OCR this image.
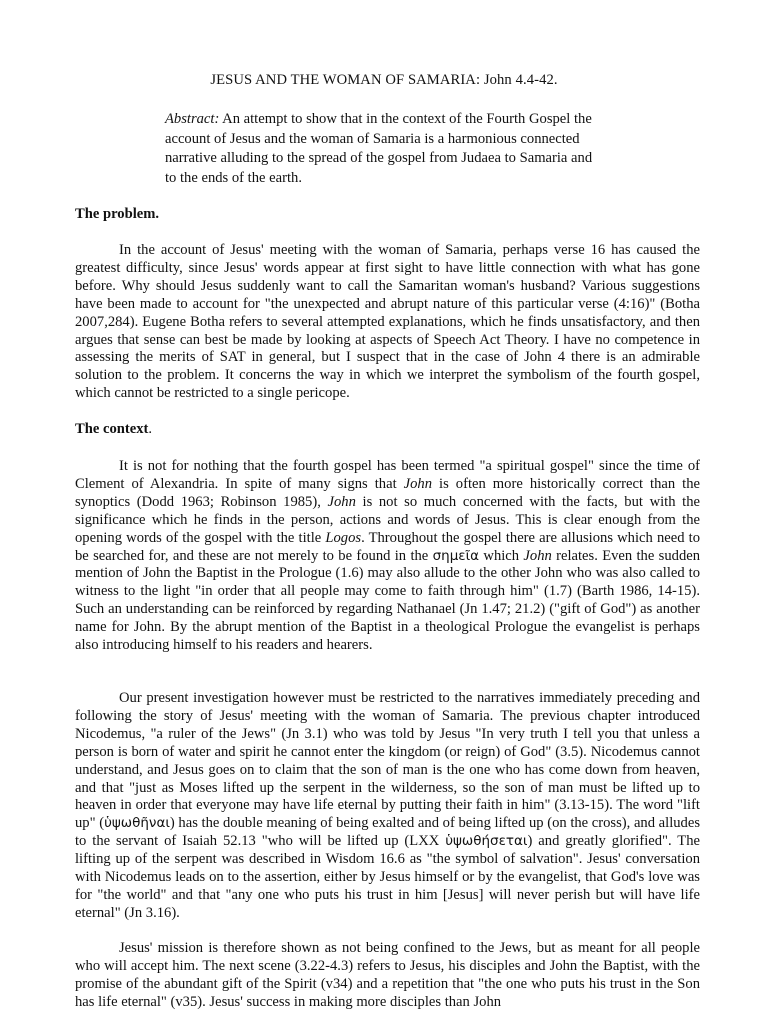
JESUS AND THE WOMAN OF SAMARIA: John 4.4-42.

Abstract: An attempt to show that in the context of the Fourth Gospel the account of Jesus and the woman of Samaria is a harmonious connected narrative alluding to the spread of the gospel from Judaea to Samaria and to the ends of the earth.

The problem.

In the account of Jesus' meeting with the woman of Samaria, perhaps verse 16 has caused the greatest difficulty, since Jesus' words appear at first sight to have little connection with what has gone before. Why should Jesus suddenly want to call the Samaritan woman's husband? Various suggestions have been made to account for "the unexpected and abrupt nature of this particular verse (4:16)" (Botha 2007,284). Eugene Botha refers to several attempted explanations, which he finds unsatisfactory, and then argues that sense can best be made by looking at aspects of Speech Act Theory. I have no competence in assessing the merits of SAT in general, but I suspect that in the case of John 4 there is an admirable solution to the problem. It concerns the way in which we interpret the symbolism of the fourth gospel, which cannot be restricted to a single pericope.

The context.

It is not for nothing that the fourth gospel has been termed "a spiritual gospel" since the time of Clement of Alexandria. In spite of many signs that John is often more historically correct than the synoptics (Dodd 1963; Robinson 1985), John is not so much concerned with the facts, but with the significance which he finds in the person, actions and words of Jesus. This is clear enough from the opening words of the gospel with the title Logos. Throughout the gospel there are allusions which need to be searched for, and these are not merely to be found in the σημεῖα which John relates. Even the sudden mention of John the Baptist in the Prologue (1.6) may also allude to the other John who was also called to witness to the light "in order that all people may come to faith through him" (1.7) (Barth 1986, 14-15). Such an understanding can be reinforced by regarding Nathanael (Jn 1.47; 21.2) ("gift of God") as another name for John. By the abrupt mention of the Baptist in a theological Prologue the evangelist is perhaps also introducing himself to his readers and hearers.

Our present investigation however must be restricted to the narratives immediately preceding and following the story of Jesus' meeting with the woman of Samaria. The previous chapter introduced Nicodemus, "a ruler of the Jews" (Jn 3.1) who was told by Jesus "In very truth I tell you that unless a person is born of water and spirit he cannot enter the kingdom (or reign) of God" (3.5). Nicodemus cannot understand, and Jesus goes on to claim that the son of man is the one who has come down from heaven, and that "just as Moses lifted up the serpent in the wilderness, so the son of man must be lifted up to heaven in order that everyone may have life eternal by putting their faith in him" (3.13-15). The word "lift up" (ὑψωθῆναι) has the double meaning of being exalted and of being lifted up (on the cross), and alludes to the servant of Isaiah 52.13 "who will be lifted up (LXX ὑψωθήσεται) and greatly glorified". The lifting up of the serpent was described in Wisdom 16.6 as "the symbol of salvation". Jesus' conversation with Nicodemus leads on to the assertion, either by Jesus himself or by the evangelist, that God's love was for "the world" and that "any one who puts his trust in him [Jesus] will never perish but will have life eternal" (Jn 3.16).

Jesus' mission is therefore shown as not being confined to the Jews, but as meant for all people who will accept him. The next scene (3.22-4.3) refers to Jesus, his disciples and John the Baptist, with the promise of the abundant gift of the Spirit (v34) and a repetition that "the one who puts his trust in the Son has life eternal" (v35). Jesus' success in making more disciples than John
